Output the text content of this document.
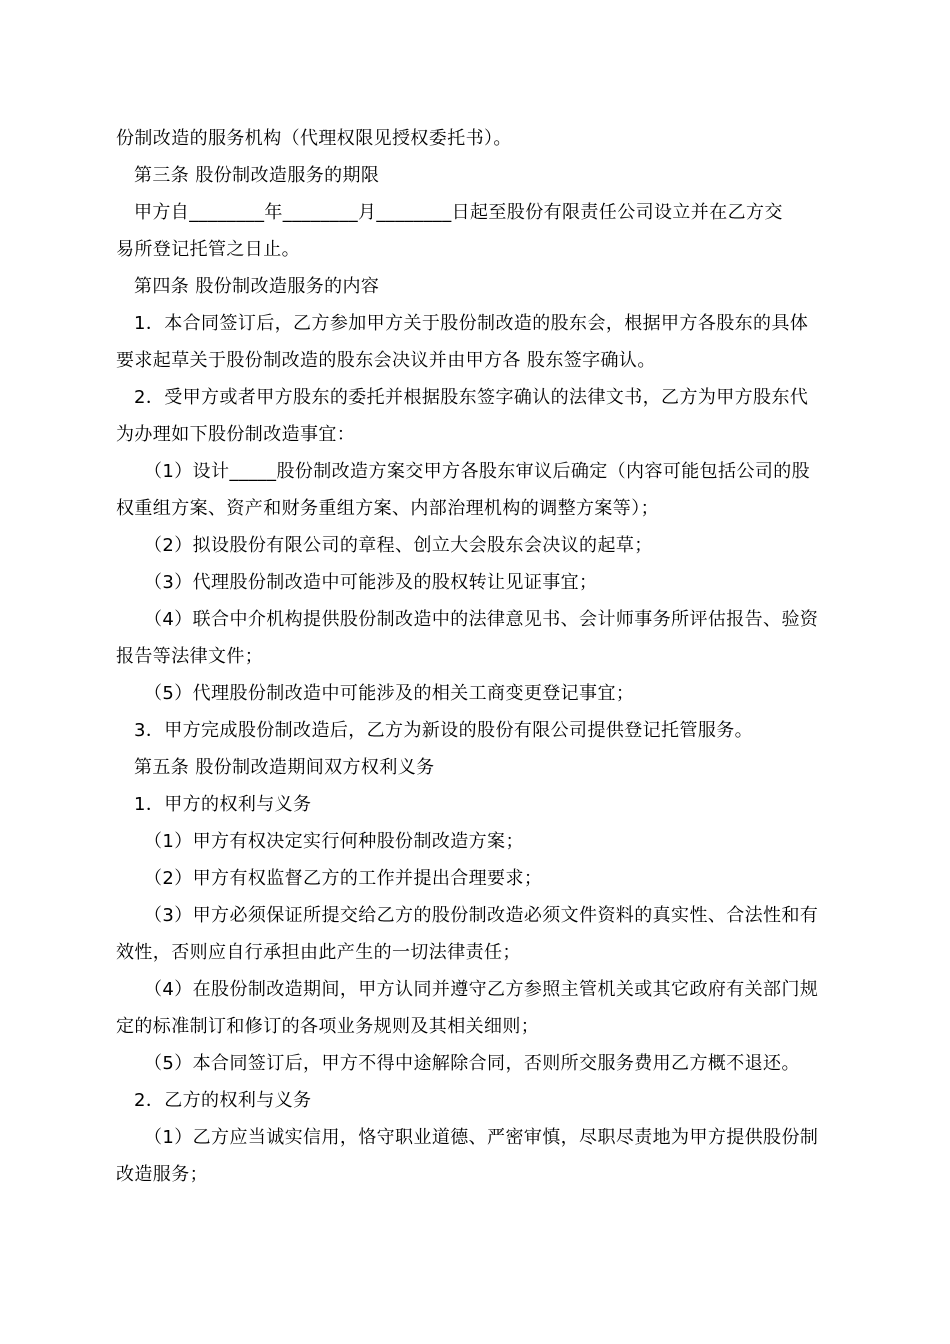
份制改造的服务机构（代理权限见授权委托书）。
第三条 股份制改造服务的期限
甲方自________年________月________日起至股份有限责任公司设立并在乙方交
易所登记托管之日止。
第四条 股份制改造服务的内容
1．本合同签订后，乙方参加甲方关于股份制改造的股东会，根据甲方各股东的具体
要求起草关于股份制改造的股东会决议并由甲方各 股东签字确认。
2．受甲方或者甲方股东的委托并根据股东签字确认的法律文书，乙方为甲方股东代
为办理如下股份制改造事宜：
（1）设计_____股份制改造方案交甲方各股东审议后确定（内容可能包括公司的股
权重组方案、资产和财务重组方案、内部治理机构的调整方案等）；
（2）拟设股份有限公司的章程、创立大会股东会决议的起草；
（3）代理股份制改造中可能涉及的股权转让见证事宜；
（4）联合中介机构提供股份制改造中的法律意见书、会计师事务所评估报告、验资
报告等法律文件；
（5）代理股份制改造中可能涉及的相关工商变更登记事宜；
3．甲方完成股份制改造后，乙方为新设的股份有限公司提供登记托管服务。
第五条 股份制改造期间双方权利义务
1．甲方的权利与义务
（1）甲方有权决定实行何种股份制改造方案；
（2）甲方有权监督乙方的工作并提出合理要求；
（3）甲方必须保证所提交给乙方的股份制改造必须文件资料的真实性、合法性和有
效性，否则应自行承担由此产生的一切法律责任；
（4）在股份制改造期间，甲方认同并遵守乙方参照主管机关或其它政府有关部门规
定的标准制订和修订的各项业务规则及其相关细则；
（5）本合同签订后，甲方不得中途解除合同，否则所交服务费用乙方概不退还。
2．乙方的权利与义务
（1）乙方应当诚实信用，恪守职业道德、严密审慎，尽职尽责地为甲方提供股份制
改造服务；
